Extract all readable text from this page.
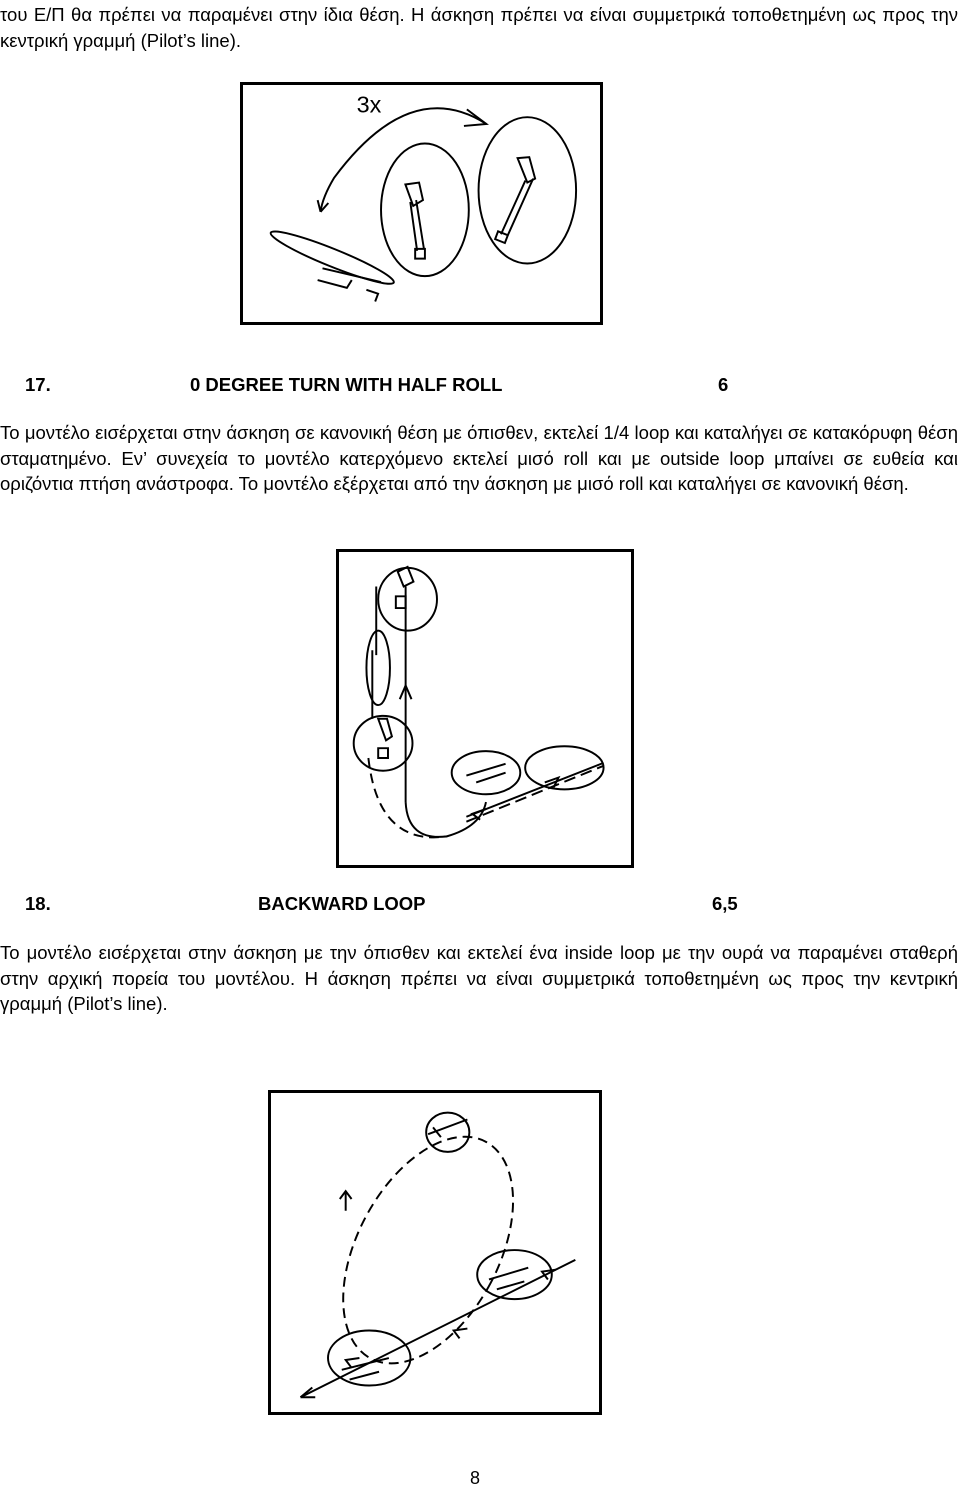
του Ε/Π θα πρέπει να παραμένει στην ίδια θέση. Η άσκηση πρέπει να είναι συμμετρικά τοποθετημένη ως προς την κεντρική γραμμή (Pilot’s line).

3x
17.	0 DEGREE TURN WITH HALF ROLL	6

Το μοντέλο εισέρχεται στην άσκηση σε κανονική θέση με όπισθεν, εκτελεί 1/4 loop και καταλήγει σε κατακόρυφη θέση σταματημένο. Εν’ συνεχεία το μοντέλο κατερχόμενο εκτελεί μισό roll και με outside loop μπαίνει σε ευθεία και οριζόντια πτήση ανάστροφα. Το μοντέλο εξέρχεται από την άσκηση με μισό roll και καταλήγει σε κανονική θέση.

18.	BACKWARD LOOP	6,5

Το μοντέλο εισέρχεται στην άσκηση με την όπισθεν και εκτελεί ένα inside loop με την ουρά να παραμένει σταθερή στην αρχική πορεία του μοντέλου. Η άσκηση πρέπει να είναι συμμετρικά τοποθετημένη ως προς την κεντρική γραμμή (Pilot’s line).

8
